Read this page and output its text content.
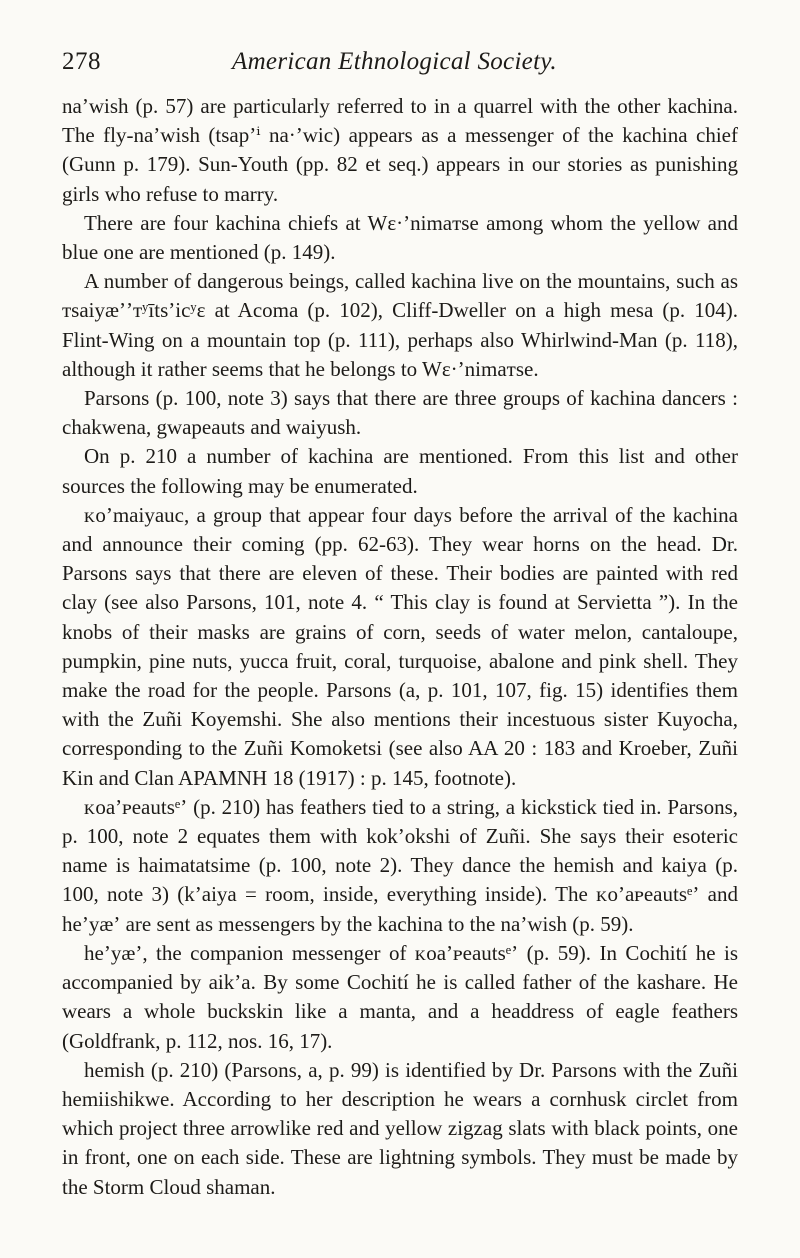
278	American Ethnological Society.

naʼwish (p. 57) are particularly referred to in a quarrel with the other kachina. The fly-naʼwish (tsapʼⁱ na·ʼwic) appears as a messenger of the kachina chief (Gunn p. 179). Sun-Youth (pp. 82 et seq.) appears in our stories as punishing girls who refuse to marry.

There are four kachina chiefs at Wɛ·ʼnimaᴛse among whom the yellow and blue one are mentioned (p. 149).

A number of dangerous beings, called kachina live on the mountains, such as ᴛsaiyæʼʼᴛʸītsʼicʸɛ at Acoma (p. 102), Cliff-Dweller on a high mesa (p. 104). Flint-Wing on a mountain top (p. 111), perhaps also Whirlwind-Man (p. 118), although it rather seems that he belongs to Wɛ·ʼnimaᴛse.

Parsons (p. 100, note 3) says that there are three groups of kachina dancers : chakwena, gwapeauts and waiyush.

On p. 210 a number of kachina are mentioned. From this list and other sources the following may be enumerated.

ᴋoʼmaiyauc, a group that appear four days before the arrival of the kachina and announce their coming (pp. 62-63). They wear horns on the head. Dr. Parsons says that there are eleven of these. Their bodies are painted with red clay (see also Parsons, 101, note 4. “ This clay is found at Servietta ”). In the knobs of their masks are grains of corn, seeds of water melon, cantaloupe, pumpkin, pine nuts, yucca fruit, coral, turquoise, abalone and pink shell. They make the road for the people. Parsons (a, p. 101, 107, fig. 15) identifies them with the Zuñi Koyemshi. She also mentions their incestuous sister Kuyocha, corresponding to the Zuñi Komoketsi (see also AA 20 : 183 and Kroeber, Zuñi Kin and Clan APAMNH 18 (1917) : p. 145, footnote).

ᴋoaʼᴘeautsᵉʼ (p. 210) has feathers tied to a string, a kickstick tied in. Parsons, p. 100, note 2 equates them with kok’okshi of Zuñi. She says their esoteric name is haimatatsime (p. 100, note 2). They dance the hemish and kaiya (p. 100, note 3) (k’aiya = room, inside, everything inside). The ᴋoʼaᴘeautsᵉʼ and he’yæʼ are sent as messengers by the kachina to the naʼwish (p. 59).

he’yæʼ, the companion messenger of ᴋoaʼᴘeautsᵉʼ (p. 59). In Cochití he is accompanied by aik’a. By some Cochití he is called father of the kashare. He wears a whole buckskin like a manta, and a headdress of eagle feathers (Goldfrank, p. 112, nos. 16, 17).

hemish (p. 210) (Parsons, a, p. 99) is identified by Dr. Parsons with the Zuñi hemiishikwe. According to her description he wears a cornhusk circlet from which project three arrowlike red and yellow zigzag slats with black points, one in front, one on each side. These are lightning symbols. They must be made by the Storm Cloud shaman.
